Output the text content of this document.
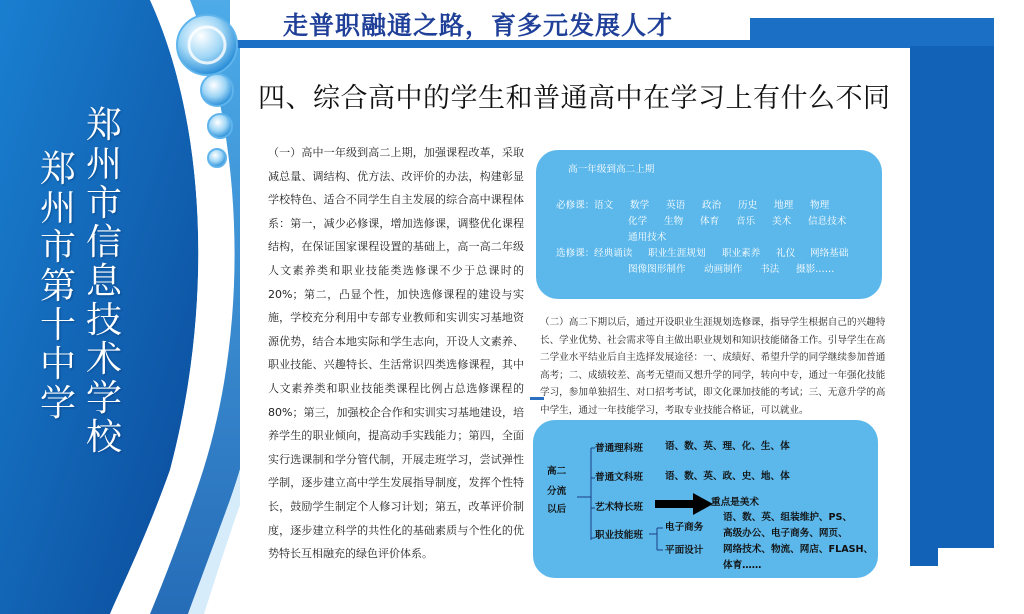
郑
州
市
第
十
中
学
郑
州
市
信
息
技
术
学
校
走普职融通之路，育多元发展人才
四、综合高中的学生和普通高中在学习上有什么不同
（一）高中一年级到高二上期，加强课程改革，采取减总量、调结构、优方法、改评价的办法，构建彰显学校特色、适合不同学生自主发展的综合高中课程体系：第一，减少必修课，增加选修课，调整优化课程结构，在保证国家课程设置的基础上，高一高二年级人文素养类和职业技能类选修课不少于总课时的20%；第二，凸显个性，加快选修课程的建设与实施，学校充分利用中专部专业教师和实训实习基地资源优势，结合本地实际和学生志向，开设人文素养、职业技能、兴趣特长、生活常识四类选修课程，其中人文素养类和职业技能类课程比例占总选修课程的80%；第三，加强校企合作和实训实习基地建设，培养学生的职业倾向，提高动手实践能力；第四，全面实行选课制和学分管代制，开展走班学习，尝试弹性学制，逐步建立高中学生发展指导制度，发挥个性特长，鼓励学生制定个人修习计划；第五，改革评价制度，逐步建立科学的共性化的基础素质与个性化的优势特长互相融充的绿色评价体系。
高一年级到高二上期
必修课： 语文 数学 英语 政治 历史 地理 物理
化学 生物 体育 音乐 美术 信息技术
通用技术
选修课： 经典诵读 职业生涯规划 职业素养 礼仪 网络基础
图像图形制作 动画制作 书法 摄影……
（二）高二下期以后，通过开设职业生涯规划选修课，指导学生根据自己的兴趣特长、学业优势、社会需求等自主做出职业规划和知识技能储备工作。引导学生在高二学业水平结业后自主选择发展途径：一、成绩好、希望升学的同学继续参加普通高考；二、成绩较差、高考无望而又想升学的同学，转向中专，通过一年强化技能学习，参加单独招生、对口招考考试，即文化课加技能的考试；三、无意升学的高中学生，通过一年技能学习，考取专业技能合格证，可以就业。
高二
分流
以后
普通理科班 语、数、英、理、化、生、体
普通文科班 语、数、英、政、史、地、体
艺术特长班	重点是美术
职业技能班
电子商务
平面设计
语、数、英、组装维护、PS、
高级办公、电子商务、网页、
网络技术、物流、网店、FLASH、
体育……
